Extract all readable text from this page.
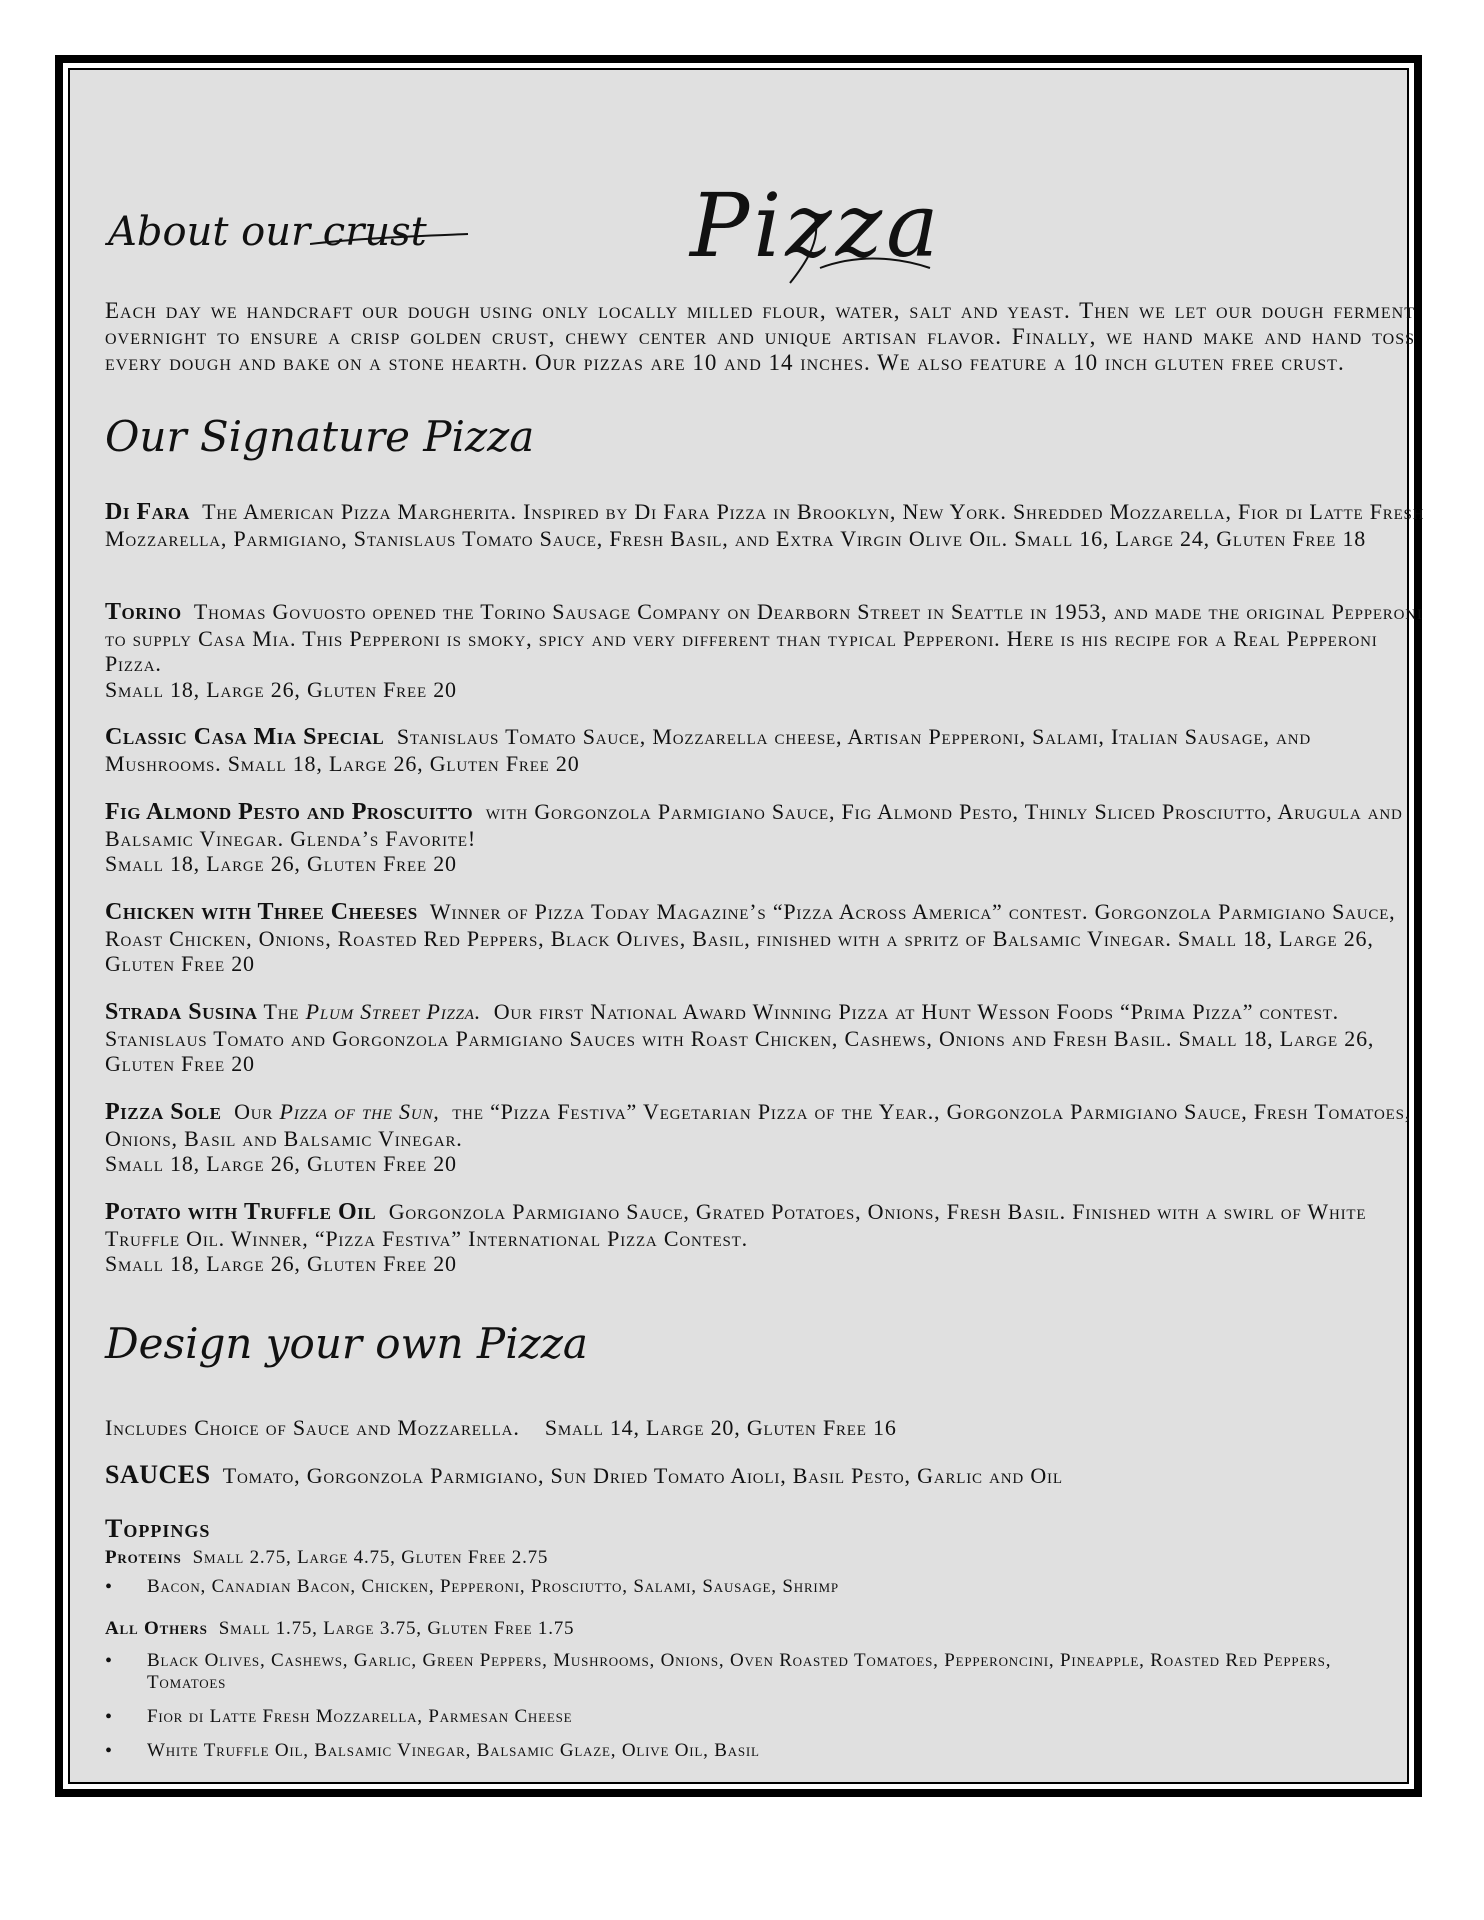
Pizza
About our crust

Each day we handcraft our dough using only locally milled flour, water, salt and yeast. Then we let our dough ferment overnight to ensure a crisp golden crust, chewy center and unique artisan flavor. Finally, we hand make and hand toss every dough and bake on a stone hearth. Our pizzas are 10 and 14 inches. We also feature a 10 inch gluten free crust.

Our Signature Pizza

Di Fara The American Pizza Margherita. Inspired by Di Fara Pizza in Brooklyn, New York. Shredded Mozzarella, Fior di Latte Fresh Mozzarella, Parmigiano, Stanislaus Tomato Sauce, Fresh Basil, and Extra Virgin Olive Oil. Small 16, Large 24, Gluten Free 18

Torino Thomas Govuosto opened the Torino Sausage Company on Dearborn Street in Seattle in 1953, and made the original Pepperoni to supply Casa Mia. This Pepperoni is smoky, spicy and very different than typical Pepperoni. Here is his recipe for a Real Pepperoni Pizza.
Small 18, Large 26, Gluten Free 20

Classic Casa Mia Special Stanislaus Tomato Sauce, Mozzarella cheese, Artisan Pepperoni, Salami, Italian Sausage, and Mushrooms. Small 18, Large 26, Gluten Free 20

Fig Almond Pesto and Proscuitto with Gorgonzola Parmigiano Sauce, Fig Almond Pesto, Thinly Sliced Prosciutto, Arugula and Balsamic Vinegar. Glenda’s Favorite!
Small 18, Large 26, Gluten Free 20

Chicken with Three Cheeses Winner of Pizza Today Magazine’s “Pizza Across America” contest. Gorgonzola Parmigiano Sauce, Roast Chicken, Onions, Roasted Red Peppers, Black Olives, Basil, finished with a spritz of Balsamic Vinegar. Small 18, Large 26, Gluten Free 20

Strada Susina The Plum Street Pizza. Our first National Award Winning Pizza at Hunt Wesson Foods “Prima Pizza” contest. Stanislaus Tomato and Gorgonzola Parmigiano Sauces with Roast Chicken, Cashews, Onions and Fresh Basil. Small 18, Large 26, Gluten Free 20

Pizza Sole Our Pizza of the Sun, the “Pizza Festiva” Vegetarian Pizza of the Year., Gorgonzola Parmigiano Sauce, Fresh Tomatoes, Onions, Basil and Balsamic Vinegar.
Small 18, Large 26, Gluten Free 20

Potato with Truffle Oil Gorgonzola Parmigiano Sauce, Grated Potatoes, Onions, Fresh Basil. Finished with a swirl of White Truffle Oil. Winner, “Pizza Festiva” International Pizza Contest.
Small 18, Large 26, Gluten Free 20

Design your own Pizza

Includes Choice of Sauce and Mozzarella. Small 14, Large 20, Gluten Free 16

SAUCES Tomato, Gorgonzola Parmigiano, Sun Dried Tomato Aioli, Basil Pesto, Garlic and Oil

Toppings

Proteins Small 2.75, Large 4.75, Gluten Free 2.75

• Bacon, Canadian Bacon, Chicken, Pepperoni, Prosciutto, Salami, Sausage, Shrimp

All Others Small 1.75, Large 3.75, Gluten Free 1.75

• Black Olives, Cashews, Garlic, Green Peppers, Mushrooms, Onions, Oven Roasted Tomatoes, Pepperoncini, Pineapple, Roasted Red Peppers, Tomatoes
• Fior di Latte Fresh Mozzarella, Parmesan Cheese
• White Truffle Oil, Balsamic Vinegar, Balsamic Glaze, Olive Oil, Basil
